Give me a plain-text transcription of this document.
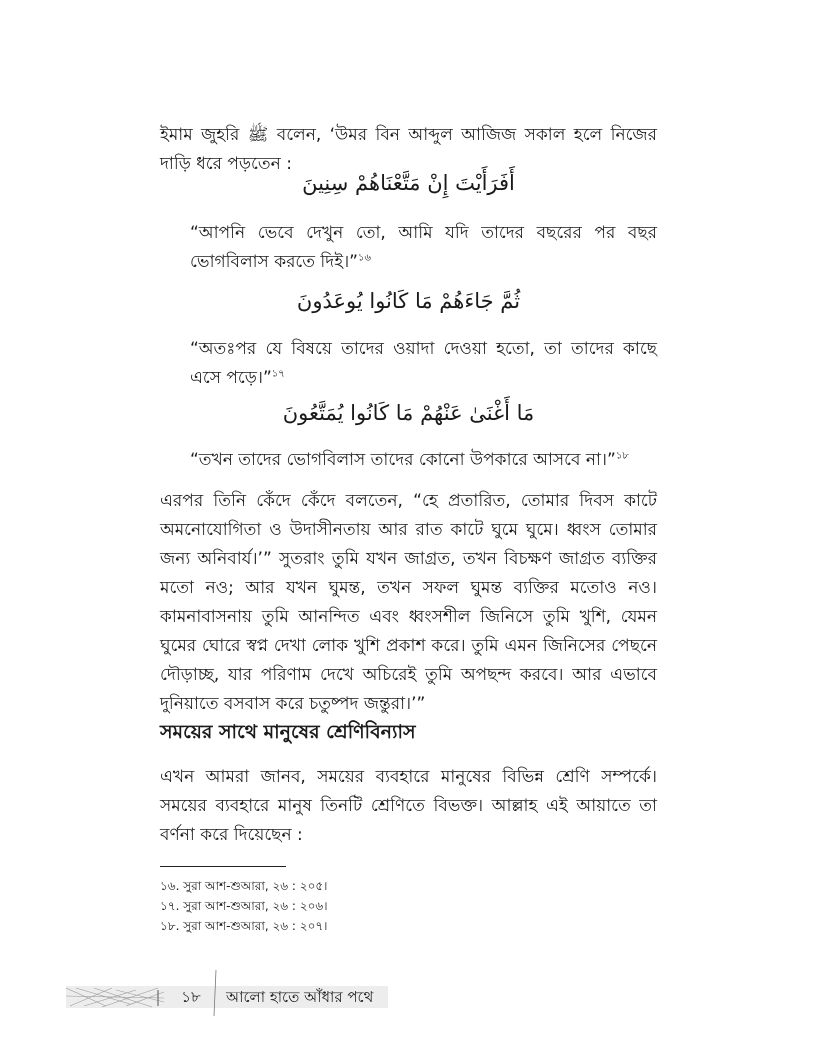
ইমাম জুহরি ﷺ বলেন, ‘উমর বিন আব্দুল আজিজ সকাল হলে নিজের দাড়ি ধরে পড়তেন :

أَفَرَأَيْتَ إِنْ مَتَّعْنَاهُمْ سِنِينَ

“আপনি ভেবে দেখুন তো, আমি যদি তাদের বছরের পর বছর ভোগবিলাস করতে দিই।”$^{১৬}$

ثُمَّ جَاءَهُمْ مَا كَانُوا يُوعَدُونَ

“অতঃপর যে বিষয়ে তাদের ওয়াদা দেওয়া হতো, তা তাদের কাছে এসে পড়ে।”$^{১৭}$

مَا أَغْنَىٰ عَنْهُمْ مَا كَانُوا يُمَتَّعُونَ

“তখন তাদের ভোগবিলাস তাদের কোনো উপকারে আসবে না।”$^{১৮}$

এরপর তিনি কেঁদে কেঁদে বলতেন, “হে প্রতারিত, তোমার দিবস কাটে অমনোযোগিতা ও উদাসীনতায় আর রাত কাটে ঘুমে ঘুমে। ধ্বংস তোমার জন্য অনিবার্য।’” সুতরাং তুমি যখন জাগ্রত, তখন বিচক্ষণ জাগ্রত ব্যক্তির মতো নও; আর যখন ঘুমন্ত, তখন সফল ঘুমন্ত ব্যক্তির মতোও নও। কামনাবাসনায় তুমি আনন্দিত এবং ধ্বংসশীল জিনিসে তুমি খুশি, যেমন ঘুমের ঘোরে স্বপ্ন দেখা লোক খুশি প্রকাশ করে। তুমি এমন জিনিসের পেছনে দৌড়াচ্ছ, যার পরিণাম দেখে অচিরেই তুমি অপছন্দ করবে। আর এভাবে দুনিয়াতে বসবাস করে চতুষ্পদ জন্তুরা।’”

সময়ের সাথে মানুষের শ্রেণিবিন্যাস

এখন আমরা জানব, সময়ের ব্যবহারে মানুষের বিভিন্ন শ্রেণি সম্পর্কে। সময়ের ব্যবহারে মানুষ তিনটি শ্রেণিতে বিভক্ত। আল্লাহ এই আয়াতে তা বর্ণনা করে দিয়েছেন :

১৬. সুরা আশ-শুআরা, ২৬ : ২০৫।
১৭. সুরা আশ-শুআরা, ২৬ : ২০৬।
১৮. সুরা আশ-শুআরা, ২৬ : ২০৭।
১৮	আলো হাতে আঁধার পথে
